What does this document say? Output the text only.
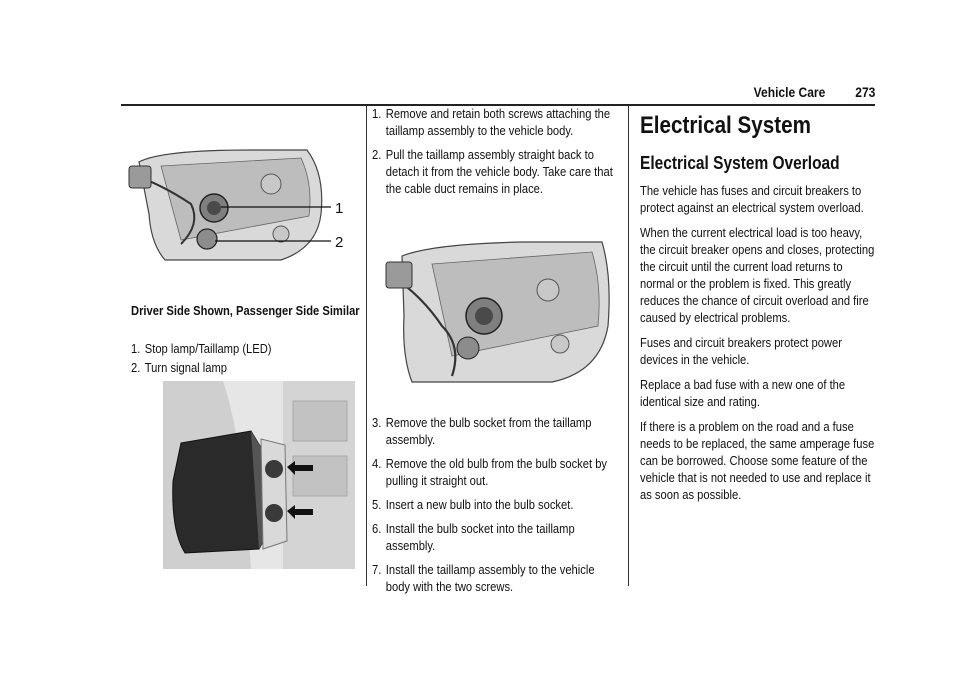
Vehicle Care 273
1
2
Driver Side Shown, Passenger Side Similar
1. Stop lamp/Taillamp (LED)
2. Turn signal lamp
1. Remove and retain both screws attaching the taillamp assembly to the vehicle body.
2. Pull the taillamp assembly straight back to detach it from the vehicle body. Take care that the cable duct remains in place.
3. Remove the bulb socket from the taillamp assembly.
4. Remove the old bulb from the bulb socket by pulling it straight out.
5. Insert a new bulb into the bulb socket.
6. Install the bulb socket into the taillamp assembly.
7. Install the taillamp assembly to the vehicle body with the two screws.
Electrical System
Electrical System Overload

The vehicle has fuses and circuit breakers to protect against an electrical system overload.

When the current electrical load is too heavy, the circuit breaker opens and closes, protecting the circuit until the current load returns to normal or the problem is fixed. This greatly reduces the chance of circuit overload and fire caused by electrical problems.

Fuses and circuit breakers protect power devices in the vehicle.

Replace a bad fuse with a new one of the identical size and rating.

If there is a problem on the road and a fuse needs to be replaced, the same amperage fuse can be borrowed. Choose some feature of the vehicle that is not needed to use and replace it as soon as possible.
